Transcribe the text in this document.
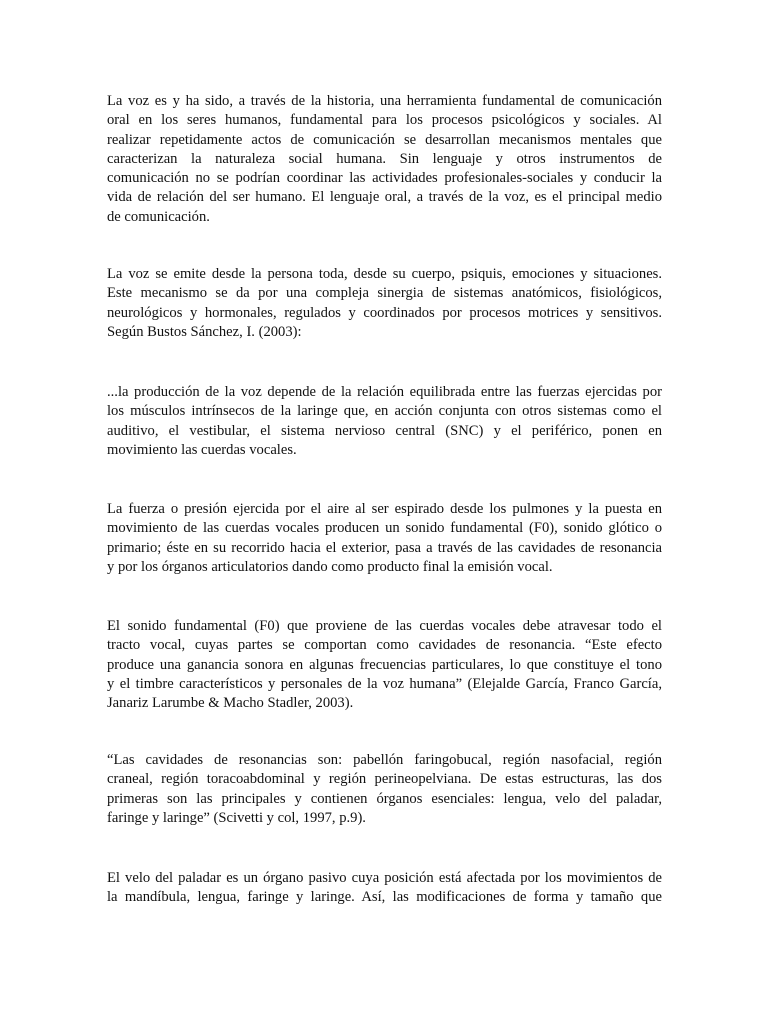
La voz es y ha sido, a través de la historia, una herramienta fundamental de comunicación
oral en los seres humanos, fundamental para los procesos psicológicos y sociales. Al
realizar repetidamente actos de comunicación se desarrollan mecanismos mentales que
caracterizan la naturaleza social humana. Sin lenguaje y otros instrumentos de
comunicación no se podrían coordinar las actividades profesionales-sociales y conducir la
vida de relación del ser humano. El lenguaje oral, a través de la voz, es el principal medio
de comunicación.

La voz se emite desde la persona toda, desde su cuerpo, psiquis, emociones y situaciones.
Este mecanismo se da por una compleja sinergia de sistemas anatómicos, fisiológicos,
neurológicos y hormonales, regulados y coordinados por procesos motrices y sensitivos.
Según Bustos Sánchez, I. (2003):

...la producción de la voz depende de la relación equilibrada entre las fuerzas ejercidas por
los músculos intrínsecos de la laringe que, en acción conjunta con otros sistemas como el
auditivo, el vestibular, el sistema nervioso central (SNC) y el periférico, ponen en
movimiento las cuerdas vocales.

La fuerza o presión ejercida por el aire al ser espirado desde los pulmones y la puesta en
movimiento de las cuerdas vocales producen un sonido fundamental (F0), sonido glótico o
primario; éste en su recorrido hacia el exterior, pasa a través de las cavidades de resonancia
y por los órganos articulatorios dando como producto final la emisión vocal.

El sonido fundamental (F0) que proviene de las cuerdas vocales debe atravesar todo el
tracto vocal, cuyas partes se comportan como cavidades de resonancia. “Este efecto
produce una ganancia sonora en algunas frecuencias particulares, lo que constituye el tono
y el timbre característicos y personales de la voz humana” (Elejalde García, Franco García,
Janariz Larumbe & Macho Stadler, 2003).

“Las cavidades de resonancias son: pabellón faringobucal, región nasofacial, región
craneal, región toracoabdominal y región perineopelviana. De estas estructuras, las dos
primeras son las principales y contienen órganos esenciales: lengua, velo del paladar,
faringe y laringe” (Scivetti y col, 1997, p.9).

El velo del paladar es un órgano pasivo cuya posición está afectada por los movimientos de
la mandíbula, lengua, faringe y laringe. Así, las modificaciones de forma y tamaño que
